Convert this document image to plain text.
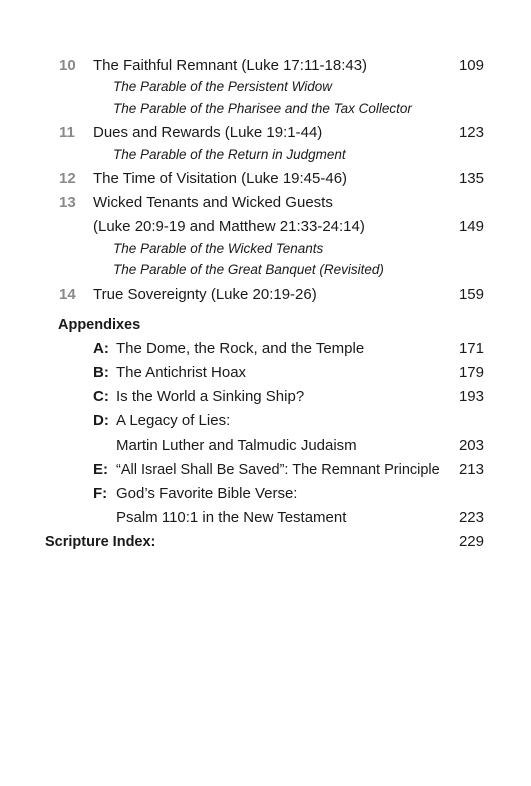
10 The Faithful Remnant (Luke 17:11-18:43)	109
The Parable of the Persistent Widow
The Parable of the Pharisee and the Tax Collector
11 Dues and Rewards (Luke 19:1-44)	123
The Parable of the Return in Judgment
12 The Time of Visitation (Luke 19:45-46)	135
13 Wicked Tenants and Wicked Guests
(Luke 20:9-19 and Matthew 21:33-24:14)	149
The Parable of the Wicked Tenants
The Parable of the Great Banquet (Revisited)
14 True Sovereignty (Luke 20:19-26)	159
Appendixes
A: The Dome, the Rock, and the Temple	171
B: The Antichrist Hoax	179
C: Is the World a Sinking Ship?	193
D: A Legacy of Lies:
Martin Luther and Talmudic Judaism	203
E: “All Israel Shall Be Saved”: The Remnant Principle 213
F: God’s Favorite Bible Verse:
Psalm 110:1 in the New Testament	223
Scripture Index:	229
